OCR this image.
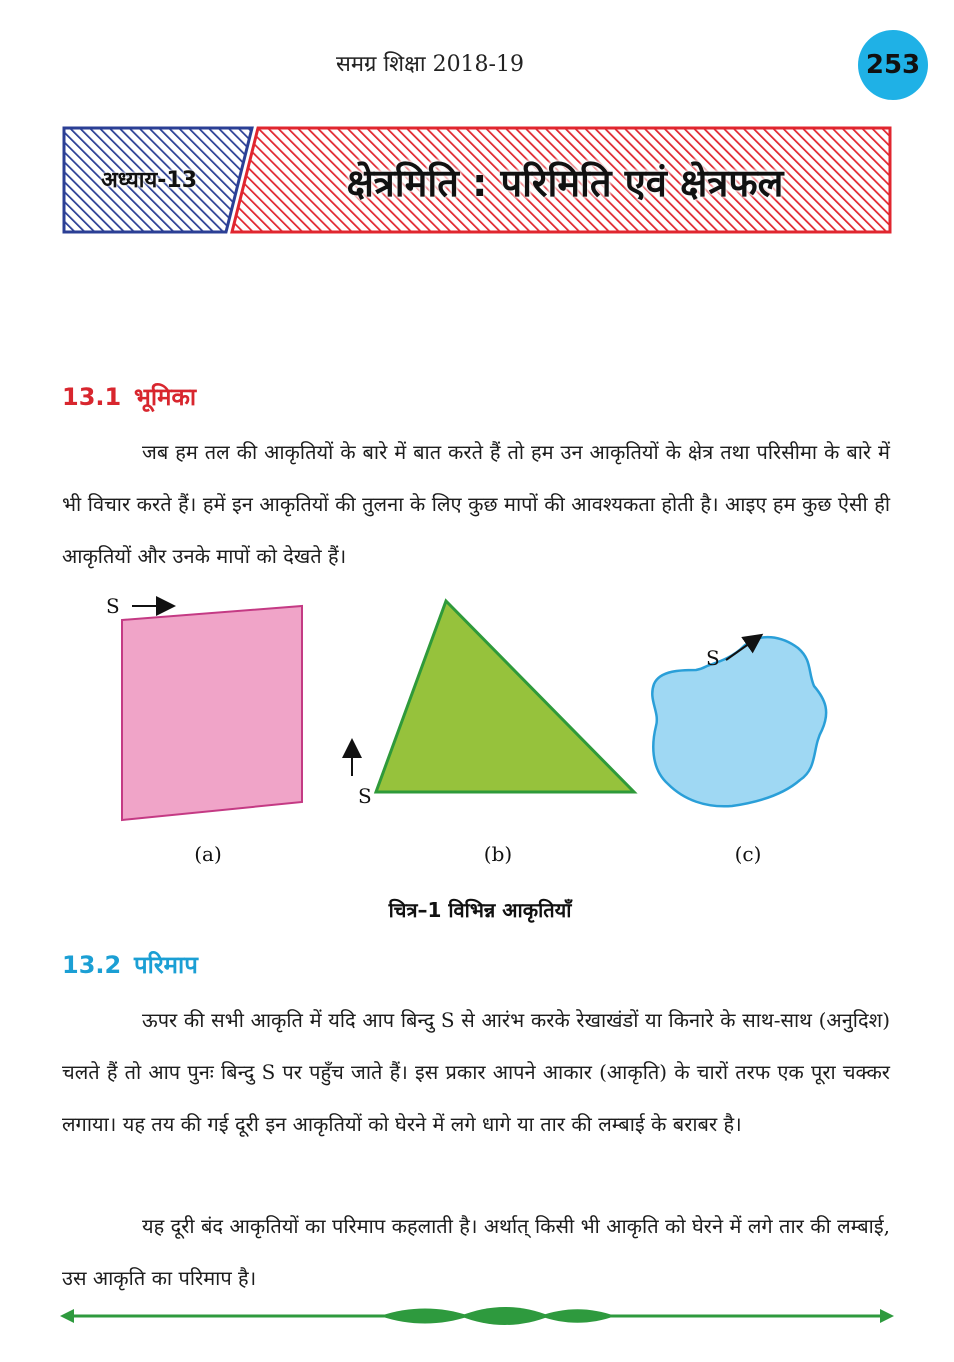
समग्र शिक्षा 2018-19	253
अध्याय-13	क्षेत्रमिति : परिमिति एवं क्षेत्रफल
13.1 भूमिका
जब हम तल की आकृतियों के बारे में बात करते हैं तो हम उन आकृतियों के क्षेत्र तथा परिसीमा के बारे में भी विचार करते हैं। हमें इन आकृतियों की तुलना के लिए कुछ मापों की आवश्यकता होती है। आइए हम कुछ ऐसी ही आकृतियों और उनके मापों को देखते हैं।
S
S
S
(a)	(b)	(c)
चित्र–1 विभिन्न आकृतियाँ
13.2 परिमाप
ऊपर की सभी आकृति में यदि आप बिन्दु S से आरंभ करके रेखाखंडों या किनारे के साथ-साथ (अनुदिश) चलते हैं तो आप पुनः बिन्दु S पर पहुँच जाते हैं। इस प्रकार आपने आकार (आकृति) के चारों तरफ एक पूरा चक्कर लगाया। यह तय की गई दूरी इन आकृतियों को घेरने में लगे धागे या तार की लम्बाई के बराबर है।
यह दूरी बंद आकृतियों का परिमाप कहलाती है। अर्थात् किसी भी आकृति को घेरने में लगे तार की लम्बाई, उस आकृति का परिमाप है।
